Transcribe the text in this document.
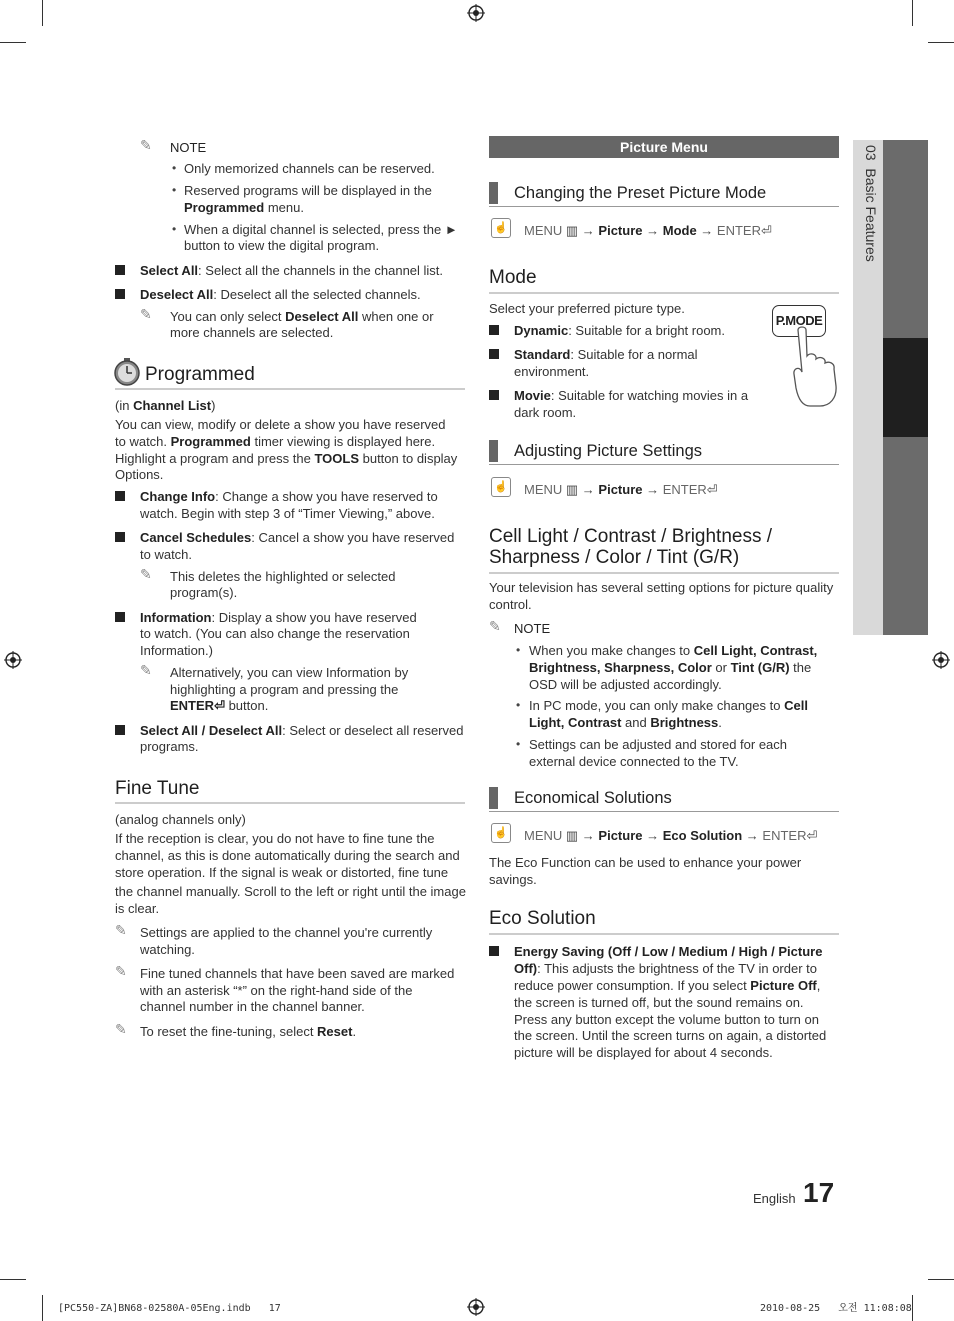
✎ NOTE
• Only memorized channels can be reserved.
• Reserved programs will be displayed in the
Programmed menu.
• When a digital channel is selected, press the ►
button to view the digital program.
Select All: Select all the channels in the channel list.
Deselect All: Deselect all the selected channels.
✎ You can only select Deselect All when one or
more channels are selected.
Programmed
(in Channel List)
You can view, modify or delete a show you have reserved
to watch. Programmed timer viewing is displayed here.
Highlight a program and press the TOOLS button to display
Options.
Change Info: Change a show you have reserved to
watch. Begin with step 3 of “Timer Viewing,” above.
Cancel Schedules: Cancel a show you have reserved
to watch.
✎ This deletes the highlighted or selected
program(s).
Information: Display a show you have reserved
to watch. (You can also change the reservation
Information.)
✎ Alternatively, you can view Information by
highlighting a program and pressing the
ENTER⏎ button.
Select All / Deselect All: Select or deselect all reserved
programs.
Fine Tune
(analog channels only)
If the reception is clear, you do not have to fine tune the
channel, as this is done automatically during the search and
store operation. If the signal is weak or distorted, fine tune
the channel manually. Scroll to the left or right until the image
is clear.
✎ Settings are applied to the channel you're currently
watching.
✎ Fine tuned channels that have been saved are marked
with an asterisk “*” on the right-hand side of the
channel number in the channel banner.
✎ To reset the fine-tuning, select Reset.
Picture Menu
Changing the Preset Picture Mode
☝ MENU ▥ → Picture → Mode → ENTER⏎
Mode
Select your preferred picture type.
P.MODE
Dynamic: Suitable for a bright room.
Standard: Suitable for a normal
environment.
Movie: Suitable for watching movies in a
dark room.
Adjusting Picture Settings
☝ MENU ▥ → Picture → ENTER⏎
Cell Light / Contrast / Brightness /
Sharpness / Color / Tint (G/R)
Your television has several setting options for picture quality
control.
✎ NOTE
• When you make changes to Cell Light, Contrast,
Brightness, Sharpness, Color or Tint (G/R) the
OSD will be adjusted accordingly.
• In PC mode, you can only make changes to Cell
Light, Contrast and Brightness.
• Settings can be adjusted and stored for each
external device connected to the TV.
Economical Solutions
☝ MENU ▥ → Picture → Eco Solution → ENTER⏎
The Eco Function can be used to enhance your power
savings.
Eco Solution
Energy Saving (Off / Low / Medium / High / Picture
Off): This adjusts the brightness of the TV in order to
reduce power consumption. If you select Picture Off,
the screen is turned off, but the sound remains on.
Press any button except the volume button to turn on
the screen. Until the screen turns on again, a distorted
picture will be displayed for about 4 seconds.
03  Basic Features
English 17
[PC550-ZA]BN68-02580A-05Eng.indb   17	2010-08-25   오전 11:08:08
